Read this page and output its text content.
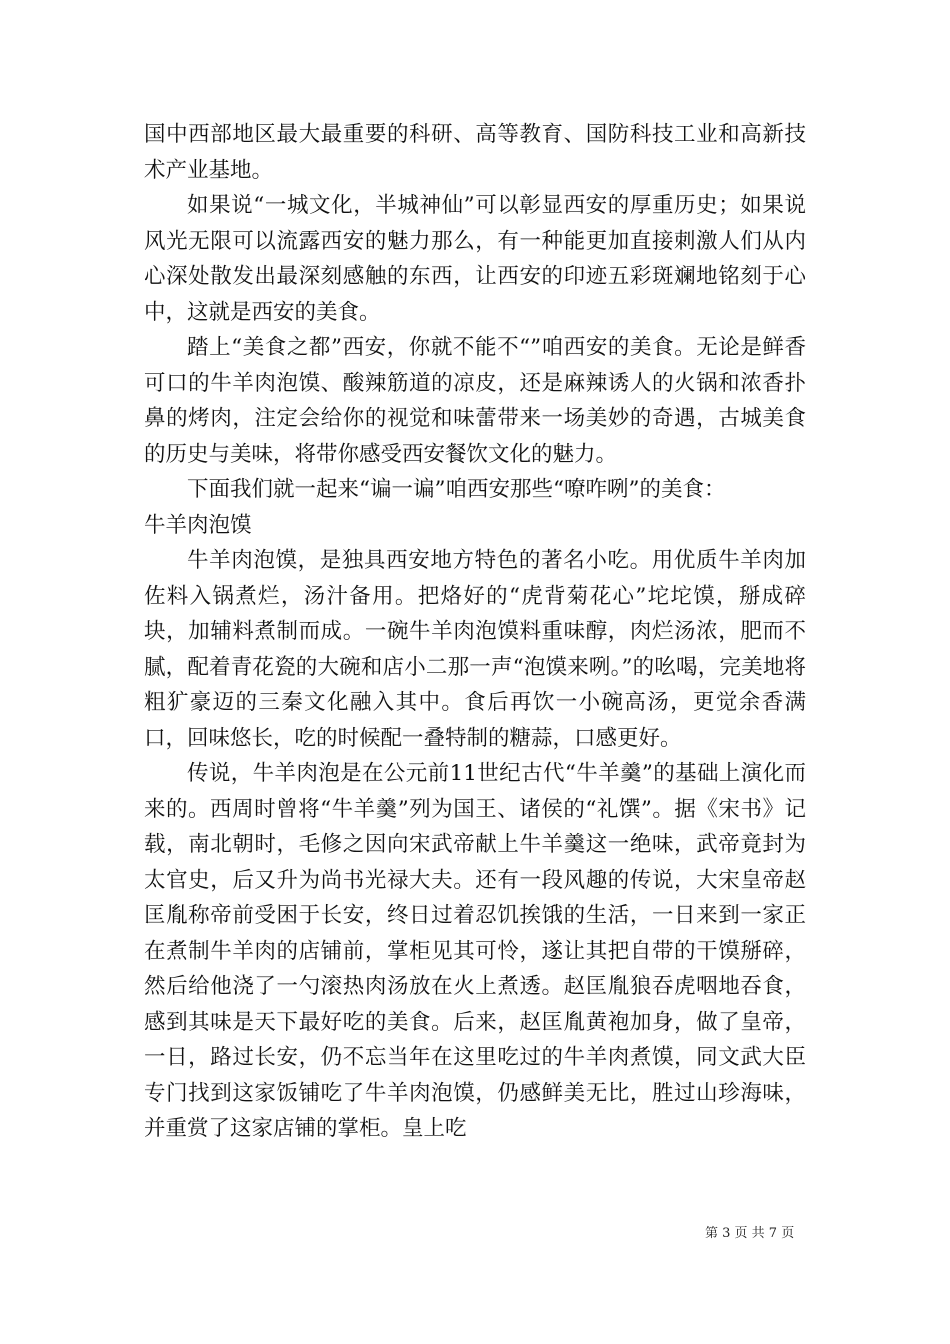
国中西部地区最大最重要的科研、高等教育、国防科技工业和高新技术产业基地。

如果说“一城文化，半城神仙”可以彰显西安的厚重历史；如果说风光无限可以流露西安的魅力那么，有一种能更加直接刺激人们从内心深处散发出最深刻感触的东西，让西安的印迹五彩斑斓地铭刻于心中，这就是西安的美食。

踏上“美食之都”西安，你就不能不“”咱西安的美食。无论是鲜香可口的牛羊肉泡馍、酸辣筋道的凉皮，还是麻辣诱人的火锅和浓香扑鼻的烤肉，注定会给你的视觉和味蕾带来一场美妙的奇遇，古城美食的历史与美味，将带你感受西安餐饮文化的魅力。

下面我们就一起来“谝一谝”咱西安那些“嘹咋咧”的美食：

牛羊肉泡馍

牛羊肉泡馍，是独具西安地方特色的著名小吃。用优质牛羊肉加佐料入锅煮烂，汤汁备用。把烙好的“虎背菊花心”坨坨馍，掰成碎块，加辅料煮制而成。一碗牛羊肉泡馍料重味醇，肉烂汤浓，肥而不腻，配着青花瓷的大碗和店小二那一声“泡馍来咧。”的吆喝，完美地将粗犷豪迈的三秦文化融入其中。食后再饮一小碗高汤，更觉余香满口，回味悠长，吃的时候配一叠特制的糖蒜，口感更好。

传说，牛羊肉泡是在公元前11世纪古代“牛羊羹”的基础上演化而来的。西周时曾将“牛羊羹”列为国王、诸侯的“礼馔”。据《宋书》记载，南北朝时，毛修之因向宋武帝献上牛羊羹这一绝味，武帝竟封为太官史，后又升为尚书光禄大夫。还有一段风趣的传说，大宋皇帝赵匡胤称帝前受困于长安，终日过着忍饥挨饿的生活，一日来到一家正在煮制牛羊肉的店铺前，掌柜见其可怜，遂让其把自带的干馍掰碎，然后给他浇了一勺滚热肉汤放在火上煮透。赵匡胤狼吞虎咽地吞食，感到其味是天下最好吃的美食。后来，赵匡胤黄袍加身，做了皇帝，一日，路过长安，仍不忘当年在这里吃过的牛羊肉煮馍，同文武大臣专门找到这家饭铺吃了牛羊肉泡馍，仍感鲜美无比，胜过山珍海味，并重赏了这家店铺的掌柜。皇上吃

第 3 页 共 7 页
